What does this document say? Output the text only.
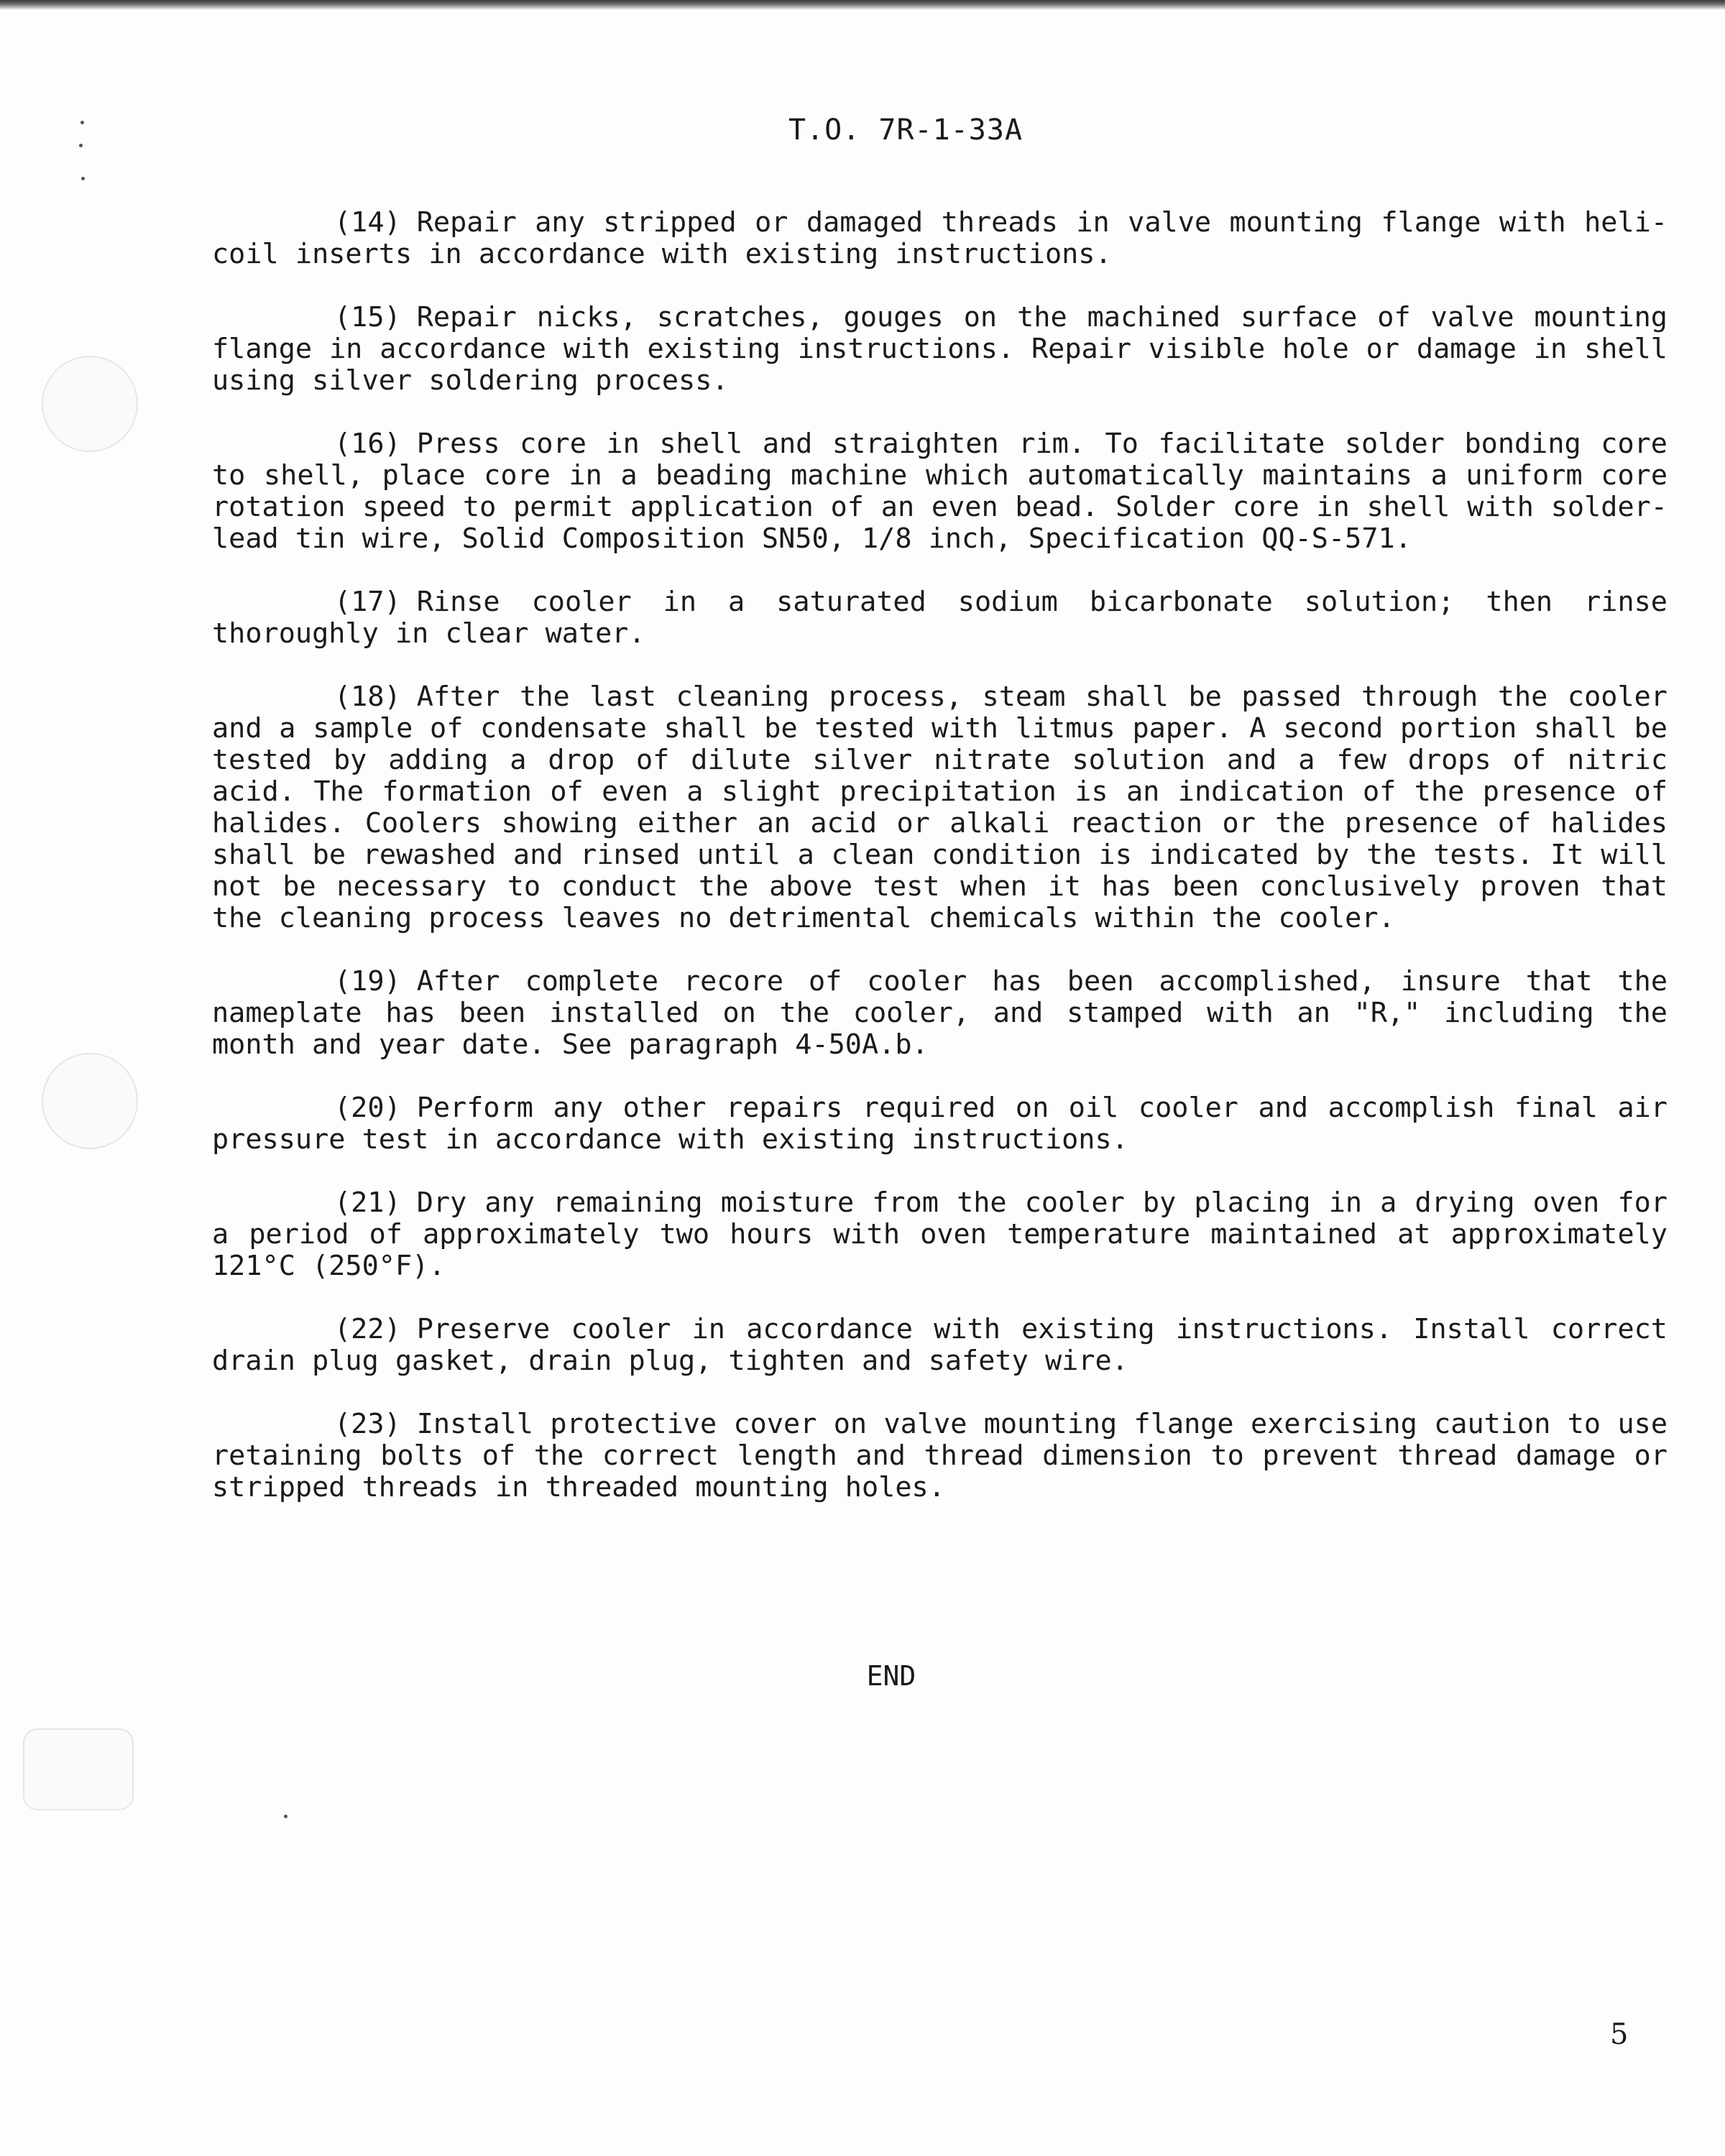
T.O. 7R-1-33A

(14) Repair any stripped or damaged threads in valve mounting flange with heli-coil inserts in accordance with existing instructions.

(15) Repair nicks, scratches, gouges on the machined surface of valve mounting flange in accordance with existing instructions. Repair visible hole or damage in shell using silver soldering process.

(16) Press core in shell and straighten rim. To facilitate solder bonding core to shell, place core in a beading machine which automatically maintains a uniform core rotation speed to permit application of an even bead. Solder core in shell with solder-lead tin wire, Solid Composition SN50, 1/8 inch, Specification QQ-S-571.

(17) Rinse cooler in a saturated sodium bicarbonate solution; then rinse thoroughly in clear water.

(18) After the last cleaning process, steam shall be passed through the cooler and a sample of condensate shall be tested with litmus paper. A second portion shall be tested by adding a drop of dilute silver nitrate solution and a few drops of nitric acid. The formation of even a slight precipitation is an indication of the presence of halides. Coolers showing either an acid or alkali reaction or the presence of halides shall be rewashed and rinsed until a clean condition is indicated by the tests. It will not be necessary to conduct the above test when it has been conclusively proven that the cleaning process leaves no detrimental chemicals within the cooler.

(19) After complete recore of cooler has been accomplished, insure that the nameplate has been installed on the cooler, and stamped with an "R," including the month and year date. See paragraph 4-50A.b.

(20) Perform any other repairs required on oil cooler and accomplish final air pressure test in accordance with existing instructions.

(21) Dry any remaining moisture from the cooler by placing in a drying oven for a period of approximately two hours with oven temperature maintained at approximately 121°C (250°F).

(22) Preserve cooler in accordance with existing instructions. Install correct drain plug gasket, drain plug, tighten and safety wire.

(23) Install protective cover on valve mounting flange exercising caution to use retaining bolts of the correct length and thread dimension to prevent thread damage or stripped threads in threaded mounting holes.

END
5
